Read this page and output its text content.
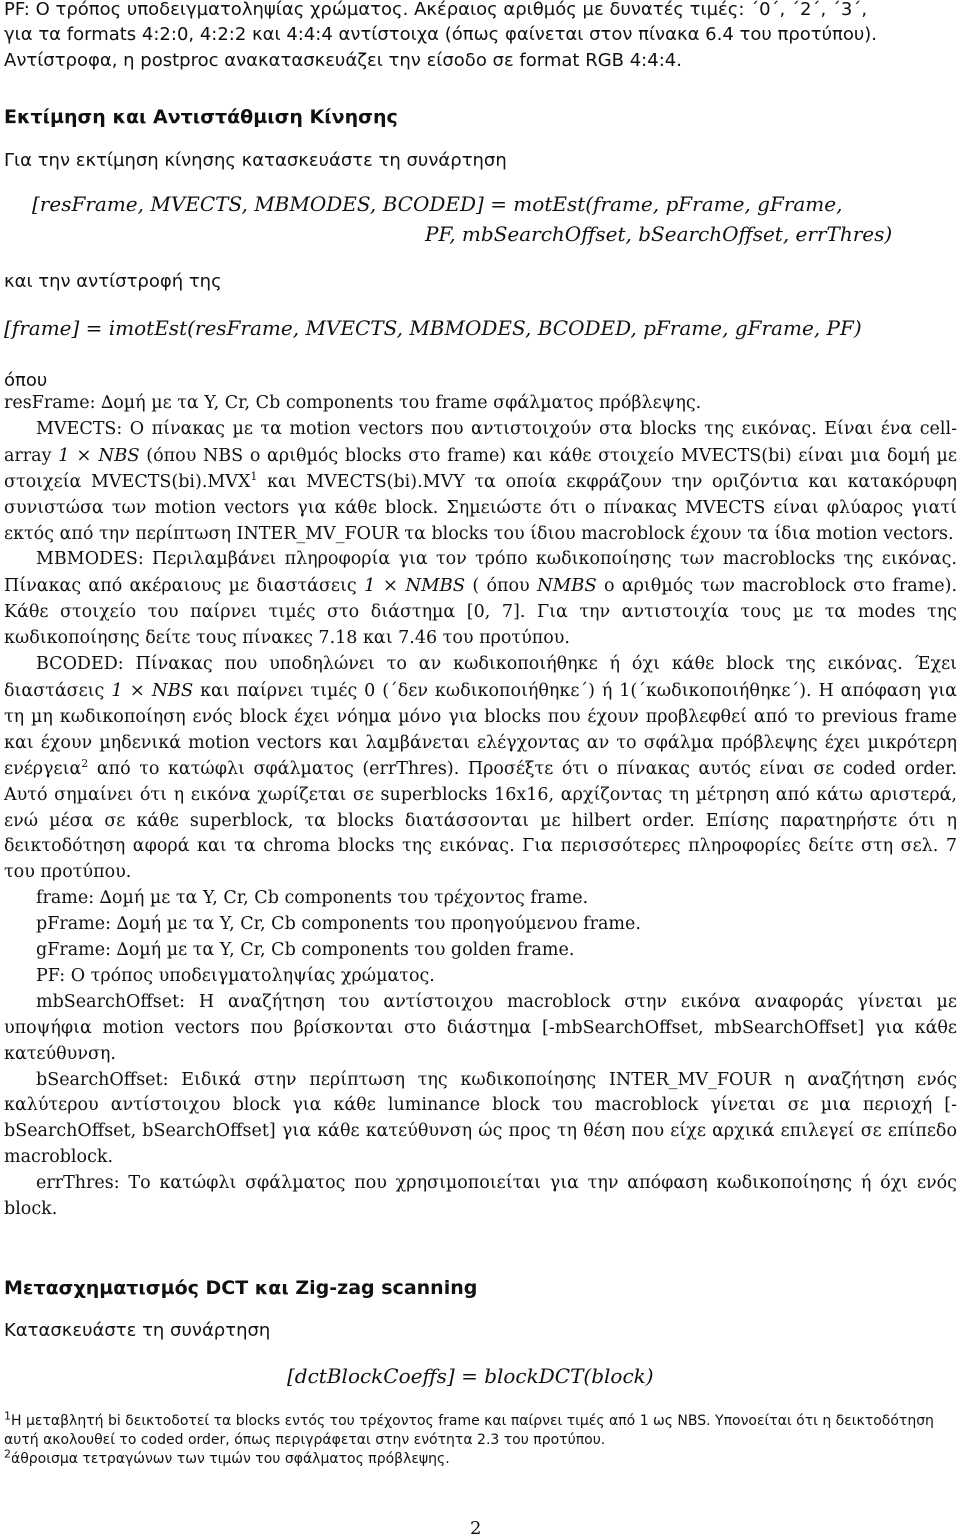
PF: Ο τρόπος υποδειγµατοληψίας χρώµατος. Ακέραιος αριθµός µε δυνατές τιµές: ΄0΄, ΄2΄, ΄3΄,
για τα formats 4:2:0, 4:2:2 και 4:4:4 αντίστοιχα (όπως φαίνεται στον πίνακα 6.4 του προτύπου).
Αντίστροφα, η postproc ανακατασκευάζει την είσοδο σε format RGB 4:4:4.
Εκτίµηση και Αντιστάθµιση Κίνησης
Για την εκτίµηση κίνησης κατασκευάστε τη συνάρτηση
[resFrame, MVECTS, MBMODES, BCODED] = motEst(frame, pFrame, gFrame,
PF, mbSearchOffset, bSearchOffset, errThres)
και την αντίστροφή της
[frame] = imotEst(resFrame, MVECTS, MBMODES, BCODED, pFrame, gFrame, PF)
όπου

resFrame: ∆οµή µε τα Y, Cr, Cb components του frame σφάλµατος πρόβλεψης.

MVECTS: Ο πίνακας µε τα motion vectors που αντιστοιχούν στα blocks της εικόνας. Είναι ένα cell-array 1 × NBS (όπου NBS ο αριθµός blocks στο frame) και κάθε στοιχείο MVECTS(bi) είναι µια δοµή µε στοιχεία MVECTS(bi).MVX$^1$ και MVECTS(bi).MVY τα οποία εκφράζουν την οριζόντια και κατακόρυφη συνιστώσα των motion vectors για κάθε block. Σηµειώστε ότι ο πίνακας MVECTS είναι φλύαρος γιατί εκτός από την περίπτωση INTER_MV_FOUR τα blocks του ίδιου macroblock έχουν τα ίδια motion vectors.

MBMODES: Περιλαµβάνει πληροφορία για τον τρόπο κωδικοποίησης των macroblocks της εικόνας. Πίνακας από ακέραιους µε διαστάσεις 1 × NMBS ( όπου NMBS ο αριθµός των macroblock στο frame). Κάθε στοιχείο του παίρνει τιµές στο διάστηµα [0, 7]. Για την αντιστοιχία τους µε τα modes της κωδικοποίησης δείτε τους πίνακες 7.18 και 7.46 του προτύπου.

BCODED: Πίνακας που υποδηλώνει το αν κωδικοποιήθηκε ή όχι κάθε block της εικόνας. Έχει διαστάσεις 1 × NBS και παίρνει τιµές 0 (΄δεν κωδικοποιήθηκε΄) ή 1(΄κωδικοποιήθηκε΄). Η απόφαση για τη µη κωδικοποίηση ενός block έχει νόηµα µόνο για blocks που έχουν προβλεφθεί από το previous frame και έχουν µηδενικά motion vectors και λαµβάνεται ελέγχοντας αν το σφάλµα πρόβλεψης έχει µικρότερη ενέργεια$^2$ από το κατώφλι σφάλµατος (errThres). Προσέξτε ότι ο πίνακας αυτός είναι σε coded order. Αυτό σηµαίνει ότι η εικόνα χωρίζεται σε superblocks 16x16, αρχίζοντας τη µέτρηση από κάτω αριστερά, ενώ µέσα σε κάθε superblock, τα blocks διατάσσονται µε hilbert order. Επίσης παρατηρήστε ότι η δεικτοδότηση αφορά και τα chroma blocks της εικόνας. Για περισσότερες πληροφορίες δείτε στη σελ. 7 του προτύπου.

frame: ∆οµή µε τα Y, Cr, Cb components του τρέχοντος frame.

pFrame: ∆οµή µε τα Y, Cr, Cb components του προηγούµενου frame.

gFrame: ∆οµή µε τα Y, Cr, Cb components του golden frame.

PF: Ο τρόπος υποδειγµατοληψίας χρώµατος.

mbSearchOffset: Η αναζήτηση του αντίστοιχου macroblock στην εικόνα αναφοράς γίνεται µε υποψήφια motion vectors που βρίσκονται στο διάστηµα [-mbSearchOffset, mbSearchOffset] για κάθε κατεύθυνση.

bSearchOffset: Ειδικά στην περίπτωση της κωδικοποίησης INTER_MV_FOUR η αναζήτηση ενός καλύτερου αντίστοιχου block για κάθε luminance block του macroblock γίνεται σε µια περιοχή [-bSearchOffset, bSearchOffset] για κάθε κατεύθυνση ώς προς τη θέση που είχε αρχικά επιλεγεί σε επίπεδο macroblock.

errThres: Το κατώφλι σφάλµατος που χρησιµοποιείται για την απόφαση κωδικοποίησης ή όχι ενός block.

Μετασχηµατισµός DCT και Zig-zag scanning
Κατασκευάστε τη συνάρτηση
[dctBlockCoeffs] = blockDCT(block)

$^1$Η µεταβλητή bi δεικτοδοτεί τα blocks εντός του τρέχοντος frame και παίρνει τιµές από 1 ως NBS. Υπονοείται ότι η δεικτοδότηση αυτή ακολουθεί το coded order, όπως περιγράφεται στην ενότητα 2.3 του προτύπου.

$^2$άθροισµα τετραγώνων των τιµών του σφάλµατος πρόβλεψης.

2
